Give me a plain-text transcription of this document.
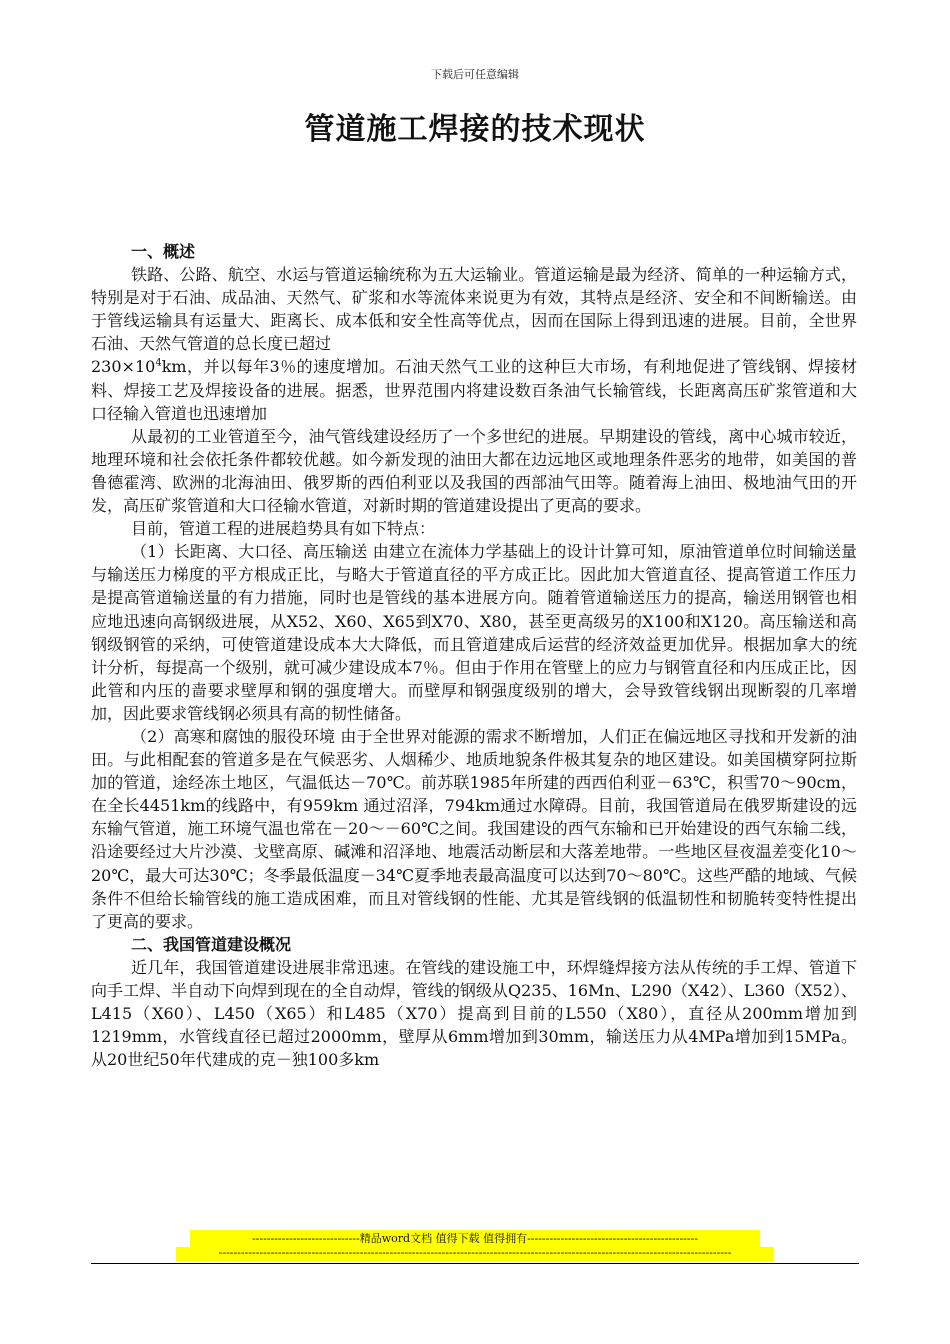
下载后可任意编辑
管道施工焊接的技术现状
一、概述

铁路、公路、航空、水运与管道运输统称为五大运输业。管道运输是最为经济、简单的一种运输方式，特别是对于石油、成品油、天然气、矿浆和水等流体来说更为有效，其特点是经济、安全和不间断输送。由于管线运输具有运量大、距离长、成本低和安全性高等优点，因而在国际上得到迅速的进展。目前，全世界石油、天然气管道的总长度已超过
$230\times 10^4km$，并以每年3％的速度增加。石油天然气工业的这种巨大市场，有利地促进了管线钢、焊接材料、焊接工艺及焊接设备的进展。据悉，世界范围内将建设数百条油气长输管线，长距离高压矿浆管道和大口径输入管道也迅速增加

从最初的工业管道至今，油气管线建设经历了一个多世纪的进展。早期建设的管线，离中心城市较近，地理环境和社会依托条件都较优越。如今新发现的油田大都在边远地区或地理条件恶劣的地带，如美国的普鲁德霍湾、欧洲的北海油田、俄罗斯的西伯利亚以及我国的西部油气田等。随着海上油田、极地油气田的开发，高压矿浆管道和大口径输水管道，对新时期的管道建设提出了更高的要求。

目前，管道工程的进展趋势具有如下特点：

（1）长距离、大口径、高压输送 由建立在流体力学基础上的设计计算可知，原油管道单位时间输送量与输送压力梯度的平方根成正比，与略大于管道直径的平方成正比。因此加大管道直径、提高管道工作压力是提高管道输送量的有力措施，同时也是管线的基本进展方向。随着管道输送压力的提高，输送用钢管也相应地迅速向高钢级进展，从X52、X60、X65到X70、X80，甚至更高级另的X100和X120。高压输送和高钢级钢管的采纳，可使管道建设成本大大降低，而且管道建成后运营的经济效益更加优异。根据加拿大的统计分析，每提高一个级别，就可减少建设成本7％。但由于作用在管壁上的应力与钢管直径和内压成正比，因此管和内压的啬要求壁厚和钢的强度增大。而壁厚和钢强度级别的增大，会导致管线钢出现断裂的几率增加，因此要求管线钢必须具有高的韧性储备。

（2）高寒和腐蚀的服役环境 由于全世界对能源的需求不断增加，人们正在偏远地区寻找和开发新的油田。与此相配套的管道多是在气候恶劣、人烟稀少、地质地貌条件极其复杂的地区建设。如美国横穿阿拉斯加的管道，途经冻土地区，气温低达－70℃。前苏联1985年所建的西西伯利亚－63℃，积雪70～90cm，在全长4451km的线路中，有959km 通过沼泽，794km通过水障碍。目前，我国管道局在俄罗斯建设的远东输气管道，施工环境气温也常在－20～－60℃之间。我国建设的西气东输和已开始建设的西气东输二线，沿途要经过大片沙漠、戈壁高原、碱滩和沼泽地、地震活动断层和大落差地带。一些地区昼夜温差变化10～20℃，最大可达30℃；冬季最低温度－34℃夏季地表最高温度可以达到70～80℃。这些严酷的地域、气候条件不但给长输管线的施工造成困难，而且对管线钢的性能、尤其是管线钢的低温韧性和韧脆转变特性提出了更高的要求。

二、我国管道建设概况

近几年，我国管道建设进展非常迅速。在管线的建设施工中，环焊缝焊接方法从传统的手工焊、管道下向手工焊、半自动下向焊到现在的全自动焊，管线的钢级从Q235、16Mn、L290（X42）、L360（X52）、L415（X60）、L450（X65）和L485（X70）提高到目前的L550（X80），直径从200mm增加到1219mm，水管线直径已超过2000mm，壁厚从6mm增加到30mm，输送压力从4MPa增加到15MPa。从20世纪50年代建成的克－独100多km

-----------------------------精品word文档 值得下载 值得拥有----------------------------------------------
------------------------------------------------------------------------------------------------------------------------------------------
